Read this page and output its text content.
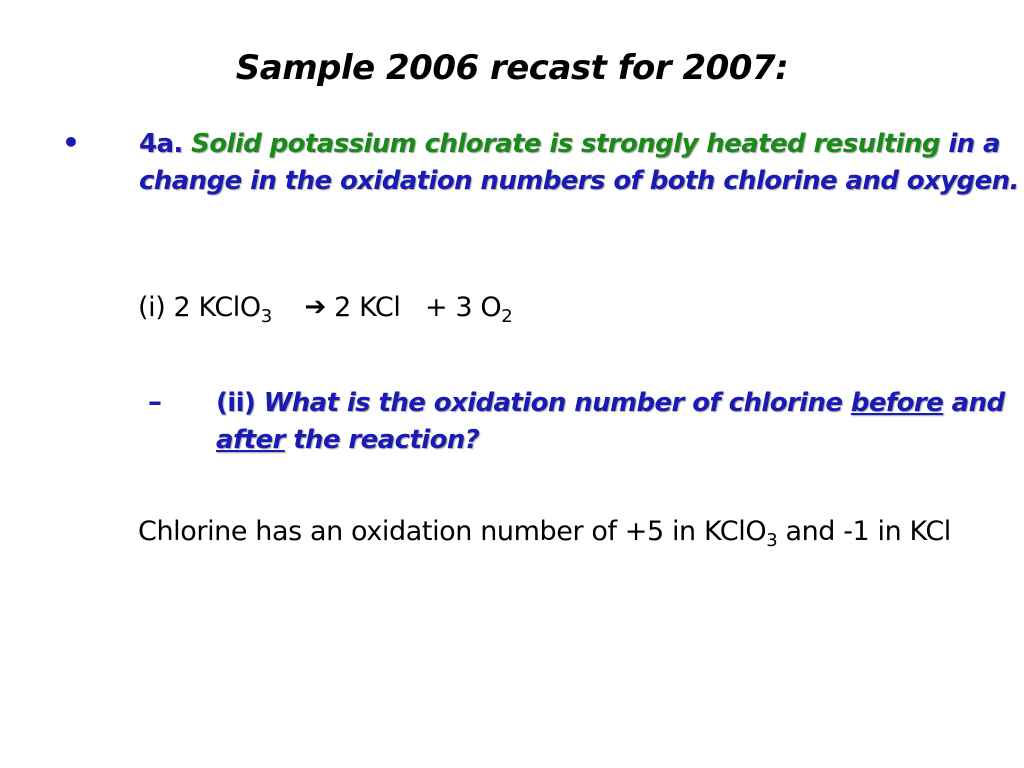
Sample 2006 recast for 2007:
• 4a. Solid potassium chlorate is strongly heated resulting in a change in the oxidation numbers of both chlorine and oxygen.
(i) 2 KClO$_3$ ➔ 2 KCl   + 3 $O_2$
– (ii) What is the oxidation number of chlorine before and after the reaction?
Chlorine has an oxidation number of +5 in KClO$_3$ and -1 in KCl
